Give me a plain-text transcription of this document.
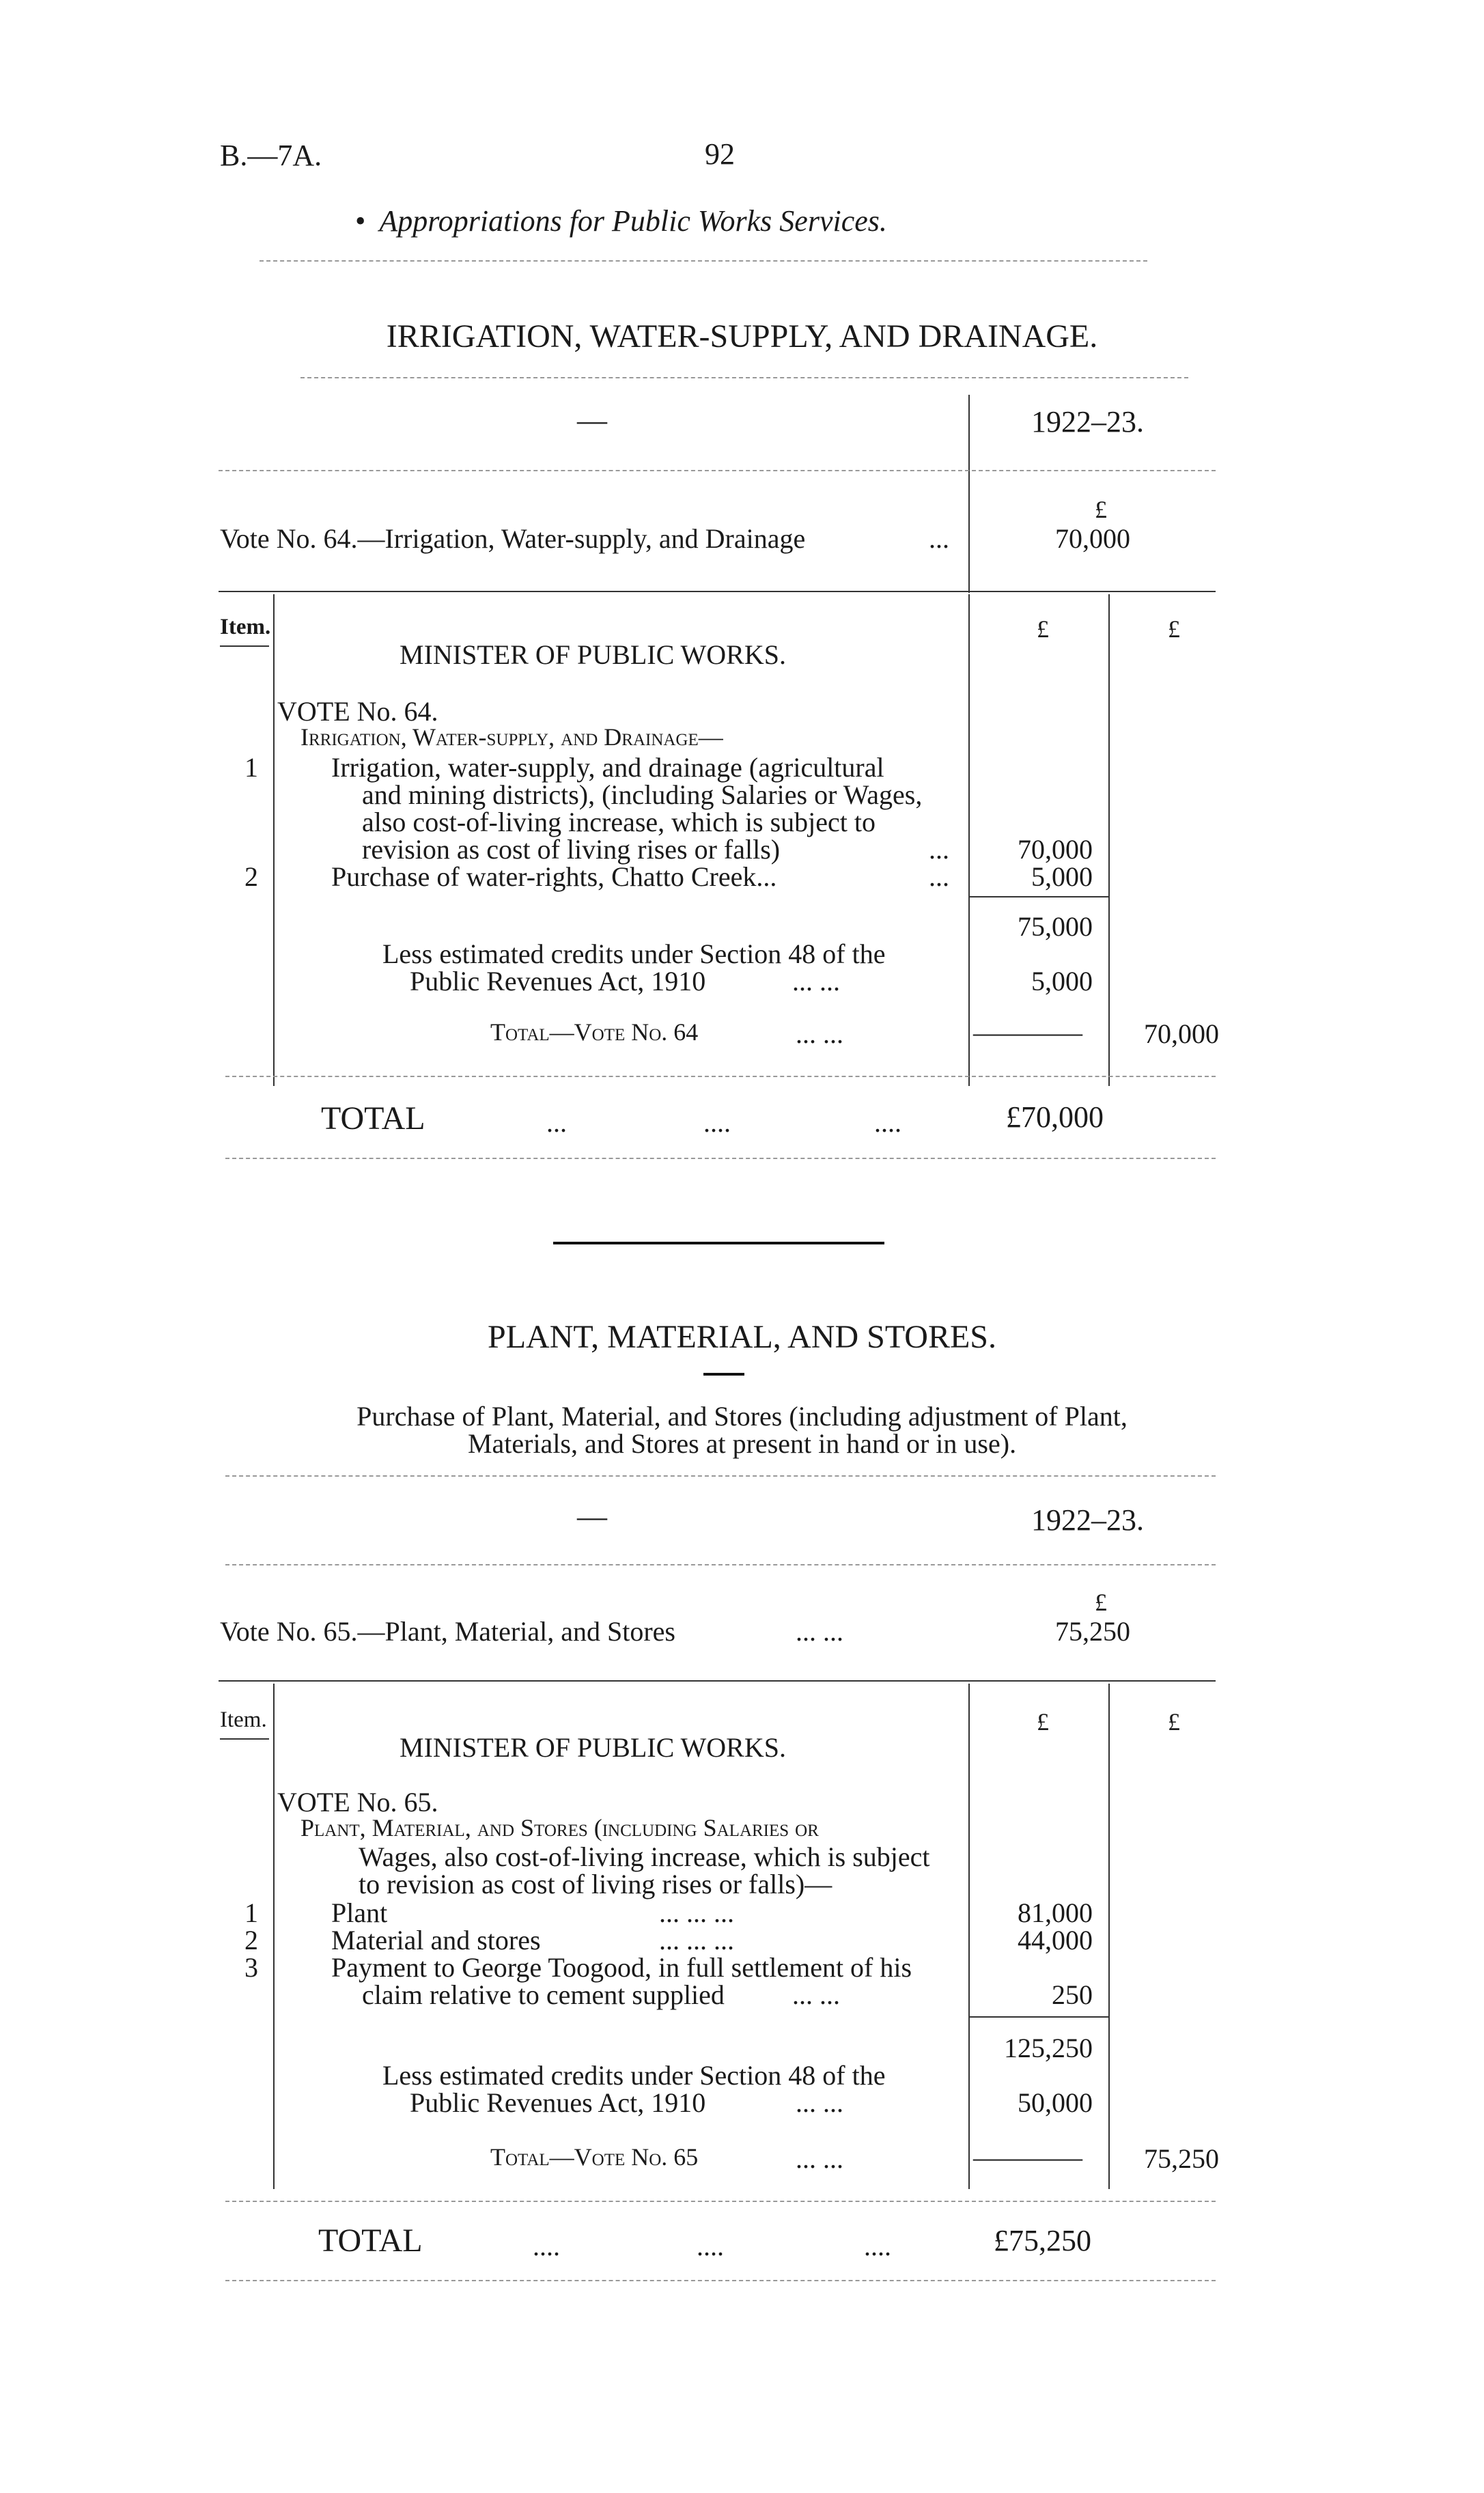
B.—7A.	92
• Appropriations for Public Works Services.
IRRIGATION, WATER-SUPPLY, AND DRAINAGE.
—	1922–23.
£
Vote No. 64.—Irrigation, Water-supply, and Drainage	...	70,000
Item.	£	£
MINISTER OF PUBLIC WORKS.
VOTE No. 64.
Irrigation, Water-supply, and Drainage—
1	Irrigation, water-supply, and drainage (agricultural
and mining districts), (including Salaries or Wages,
also cost-of-living increase, which is subject to
revision as cost of living rises or falls)	...	70,000
2	Purchase of water-rights, Chatto Creek...	...	5,000
75,000
Less estimated credits under Section 48 of the
Public Revenues Act, 1910	... ...	5,000
Total—Vote No. 64	... ...	————	70,000
TOTAL	...	....	....	£70,000
PLANT, MATERIAL, AND STORES.
Purchase of Plant, Material, and Stores (including adjustment of Plant,
Materials, and Stores at present in hand or in use).
—	1922–23.
£
Vote No. 65.—Plant, Material, and Stores	... ...	75,250
Item.	£	£
MINISTER OF PUBLIC WORKS.
VOTE No. 65.
Plant, Material, and Stores (including Salaries or
Wages, also cost-of-living increase, which is subject
to revision as cost of living rises or falls)—
1	Plant	... ... ...	81,000
2	Material and stores	... ... ...	44,000
3	Payment to George Toogood, in full settlement of his
claim relative to cement supplied ... ...	250
125,250
Less estimated credits under Section 48 of the
Public Revenues Act, 1910	... ...	50,000
Total—Vote No. 65	... ...	————	75,250
TOTAL	....	....	....	£75,250
